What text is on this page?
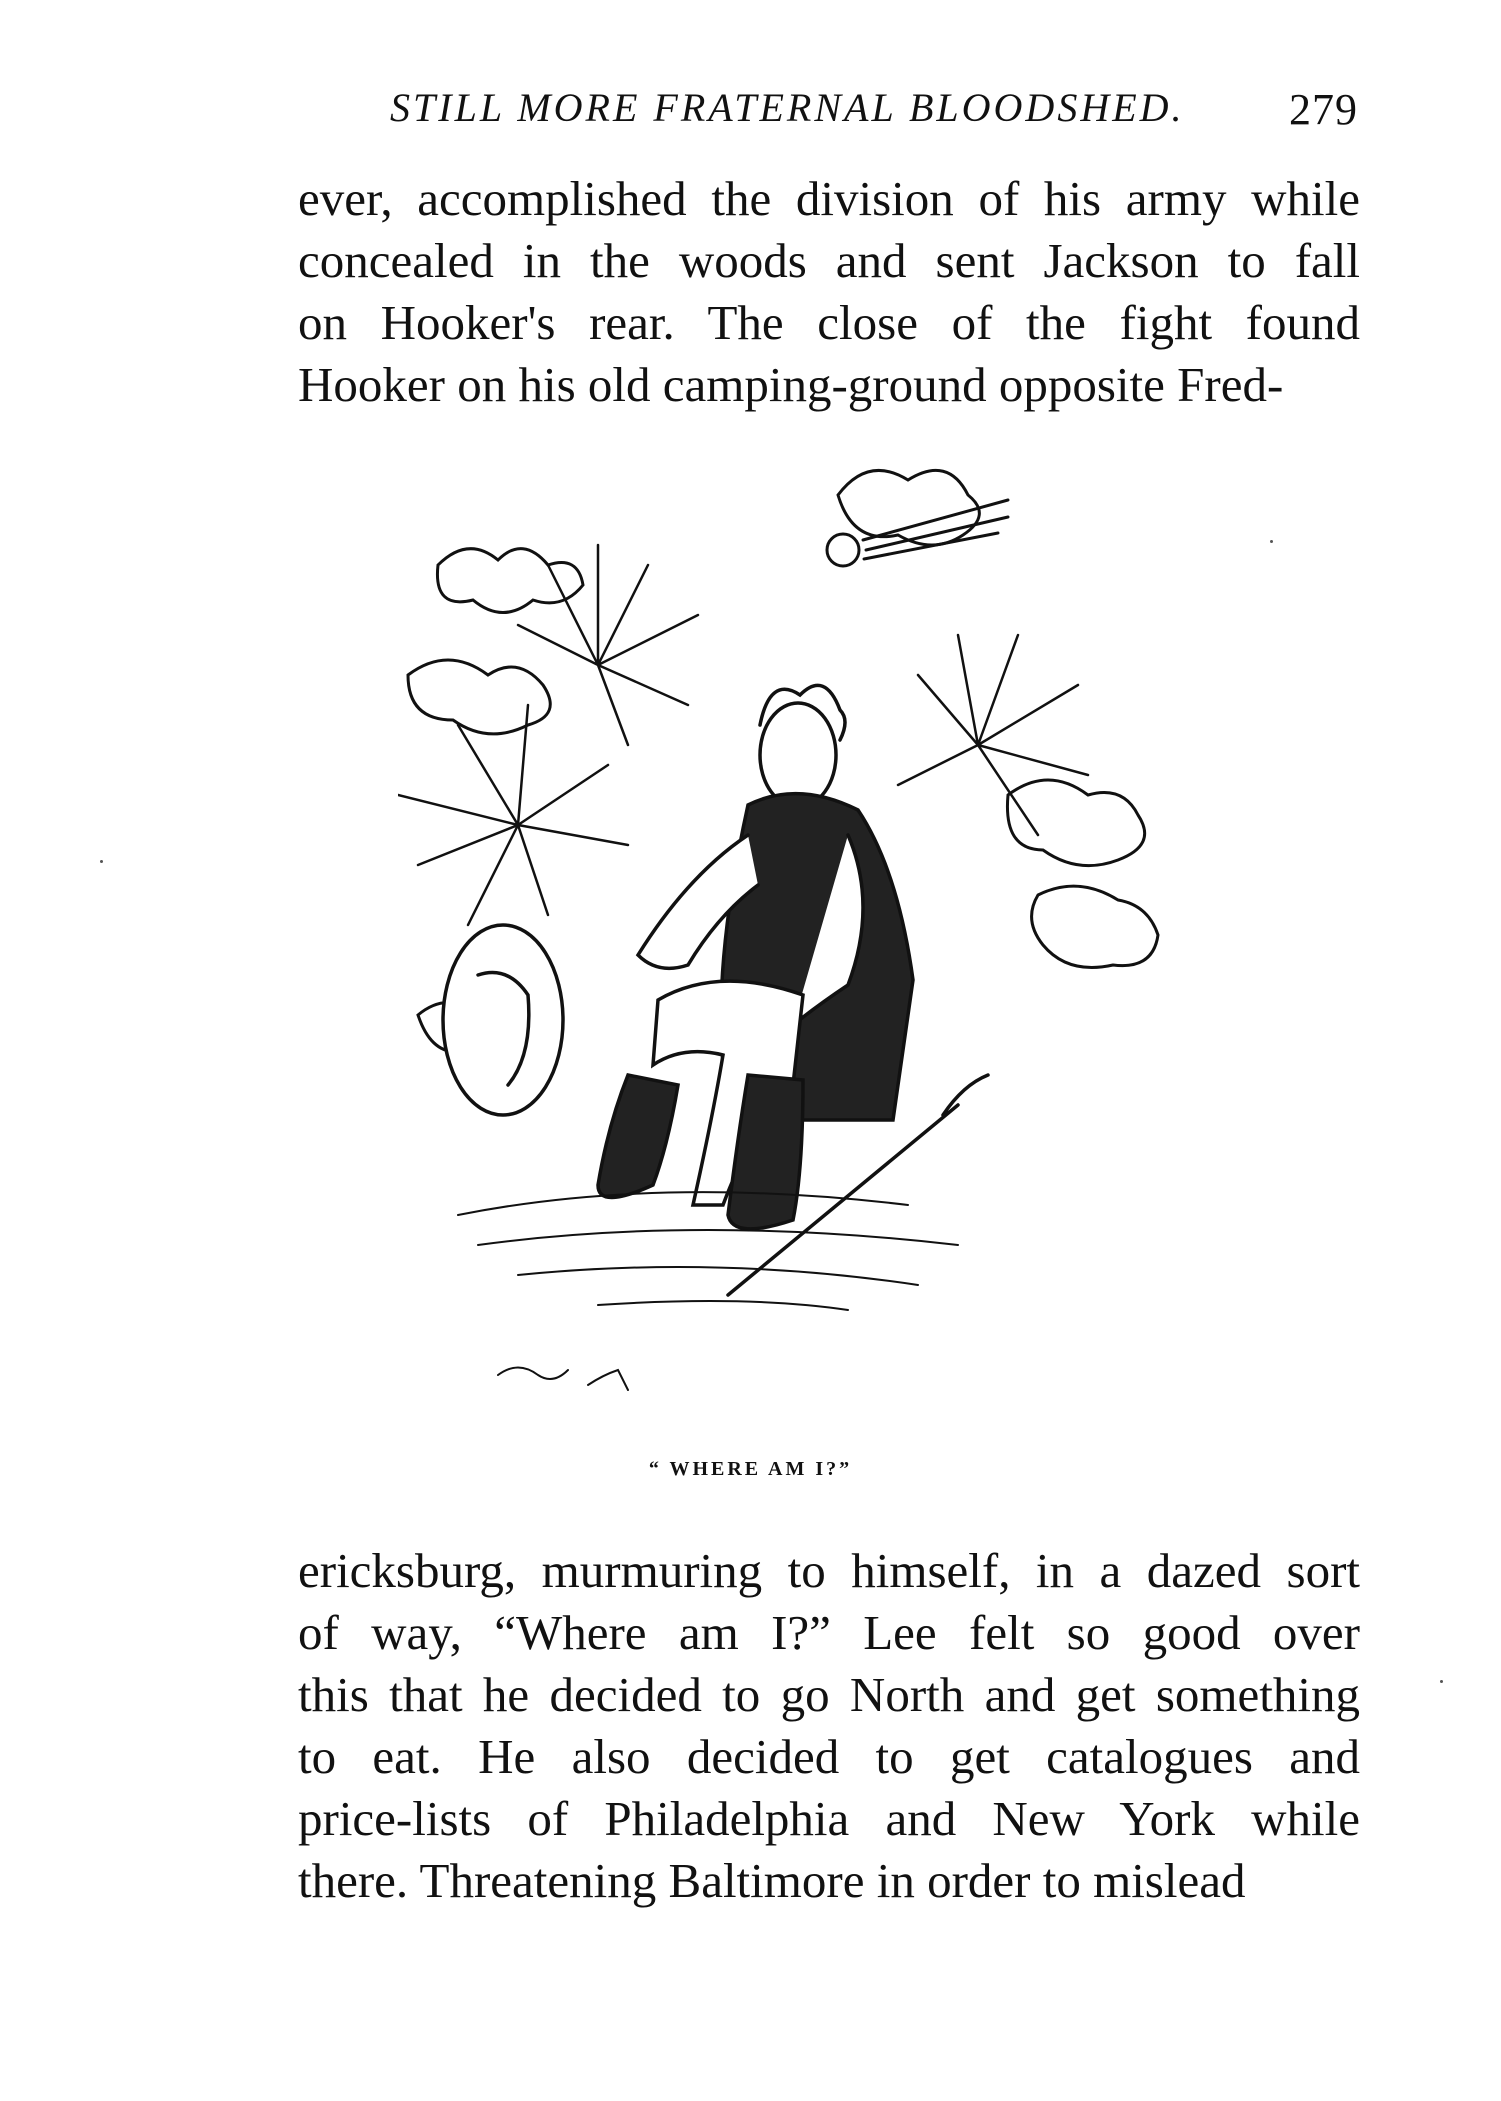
STILL MORE FRATERNAL BLOODSHED. 279
ever, accomplished the division of his army while
concealed in the woods and sent Jackson to fall
on Hooker's rear. The close of the fight found
Hooker on his old camping-ground opposite Fred-
“ WHERE AM I?”
ericksburg, murmuring to himself, in a dazed sort
of way, “Where am I?” Lee felt so good over
this that he decided to go North and get something
to eat. He also decided to get catalogues and
price-lists of Philadelphia and New York while
there. Threatening Baltimore in order to mislead
